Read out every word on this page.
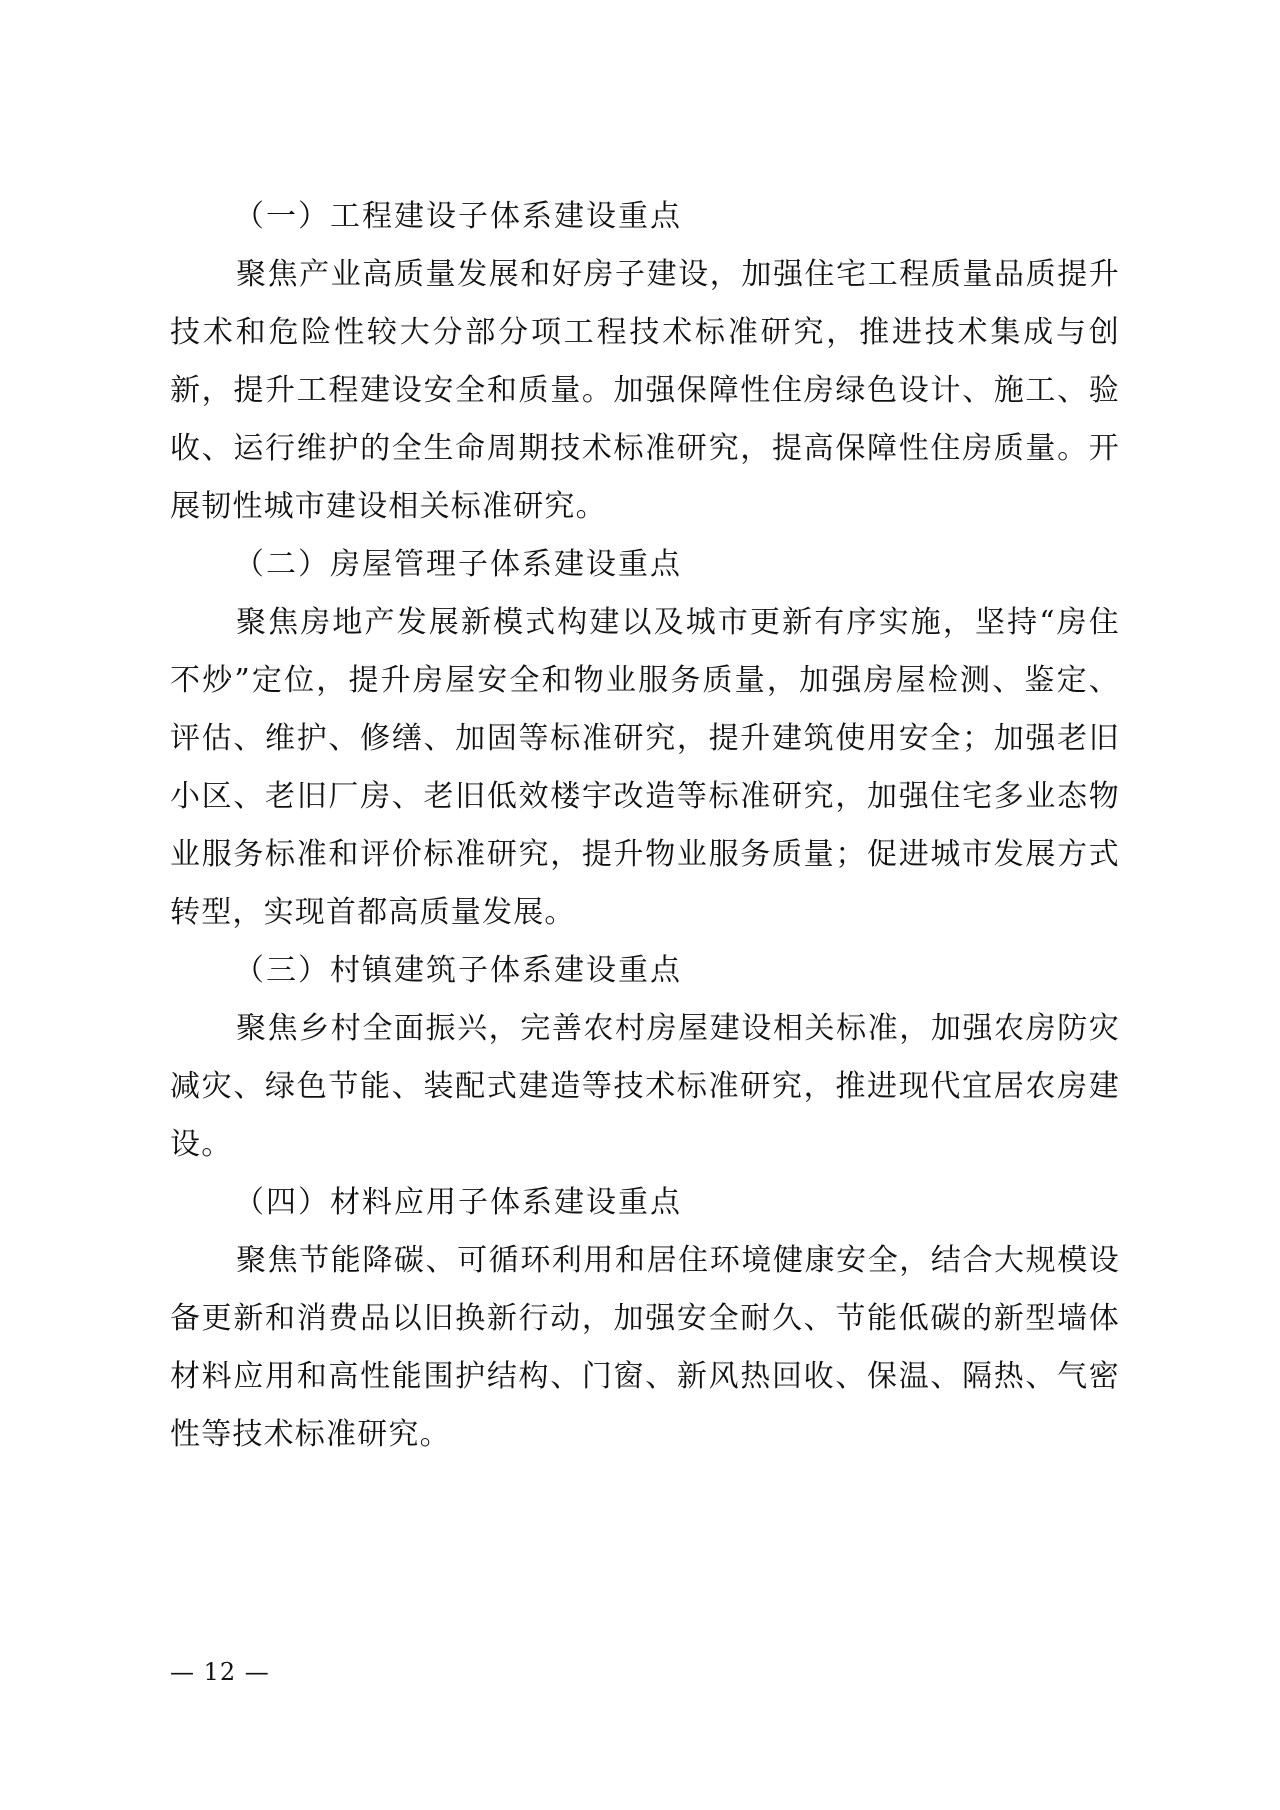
（一）工程建设子体系建设重点

聚焦产业高质量发展和好房子建设，加强住宅工程质量品质提升技术和危险性较大分部分项工程技术标准研究，推进技术集成与创新，提升工程建设安全和质量。加强保障性住房绿色设计、施工、验收、运行维护的全生命周期技术标准研究，提高保障性住房质量。开展韧性城市建设相关标准研究。

（二）房屋管理子体系建设重点

聚焦房地产发展新模式构建以及城市更新有序实施，坚持“房住不炒”定位，提升房屋安全和物业服务质量，加强房屋检测、鉴定、评估、维护、修缮、加固等标准研究，提升建筑使用安全；加强老旧小区、老旧厂房、老旧低效楼宇改造等标准研究，加强住宅多业态物业服务标准和评价标准研究，提升物业服务质量；促进城市发展方式转型，实现首都高质量发展。

（三）村镇建筑子体系建设重点

聚焦乡村全面振兴，完善农村房屋建设相关标准，加强农房防灾减灾、绿色节能、装配式建造等技术标准研究，推进现代宜居农房建设。

（四）材料应用子体系建设重点

聚焦节能降碳、可循环利用和居住环境健康安全，结合大规模设备更新和消费品以旧换新行动，加强安全耐久、节能低碳的新型墙体材料应用和高性能围护结构、门窗、新风热回收、保温、隔热、气密性等技术标准研究。

— 12 —
